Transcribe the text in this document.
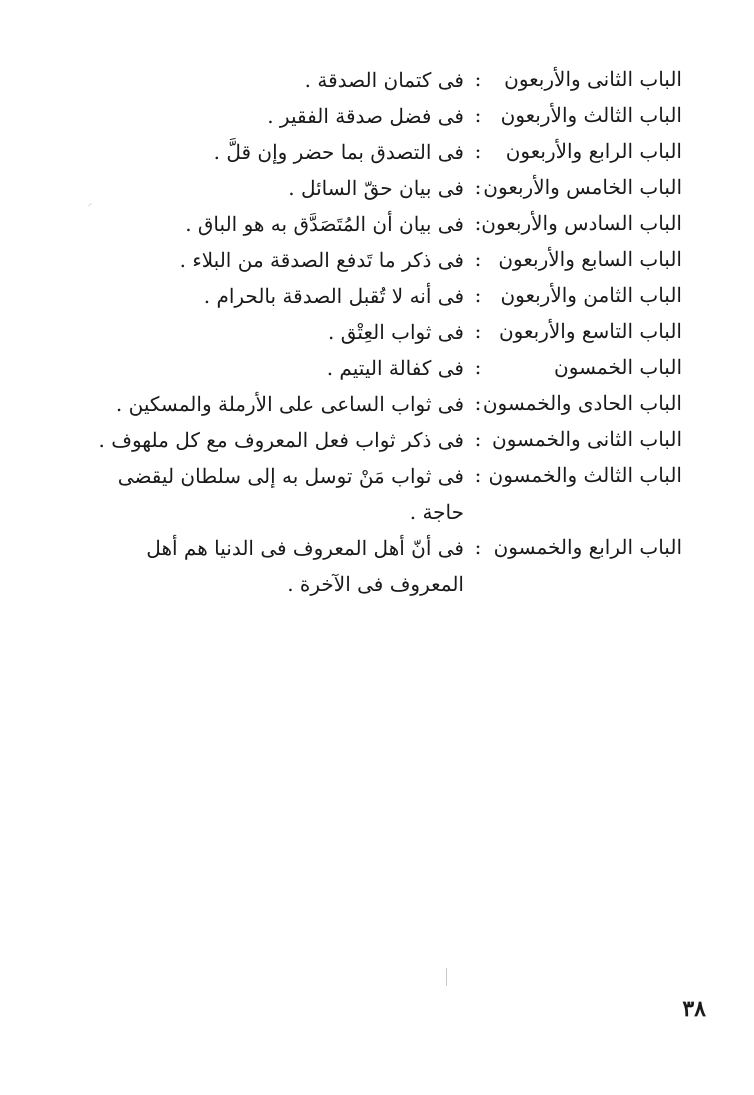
الباب الثانى والأربعون
:
فى كتمان الصدقة .
الباب الثالث والأربعون
:
فى فضل صدقة الفقير .
الباب الرابع والأربعون
:
فى التصدق بما حضر وإن قلَّ .
الباب الخامس والأربعون
:
فى بيان حقّ السائل .
الباب السادس والأربعون
:
فى بيان أن المُتَصَدَّق به هو الباق .
الباب السابع والأربعون
:
فى ذكر ما تَدفع الصدقة من البلاء .
الباب الثامن والأربعون
:
فى أنه لا تُقبل الصدقة بالحرام .
الباب التاسع والأربعون
:
فى ثواب العِتْق .
الباب الخمسون
:
فى كفالة اليتيم .
الباب الحادى والخمسون
:
فى ثواب الساعى على الأرملة والمسكين .
الباب الثانى والخمسون
:
فى ذكر ثواب فعل المعروف مع كل ملهوف .
الباب الثالث والخمسون
:
فى ثواب مَنْ توسل به إلى سلطان ليقضى حاجة .
الباب الرابع والخمسون
:
فى أنّ أهل المعروف فى الدنيا هم أهل المعروف فى الآخرة .
٣٨
